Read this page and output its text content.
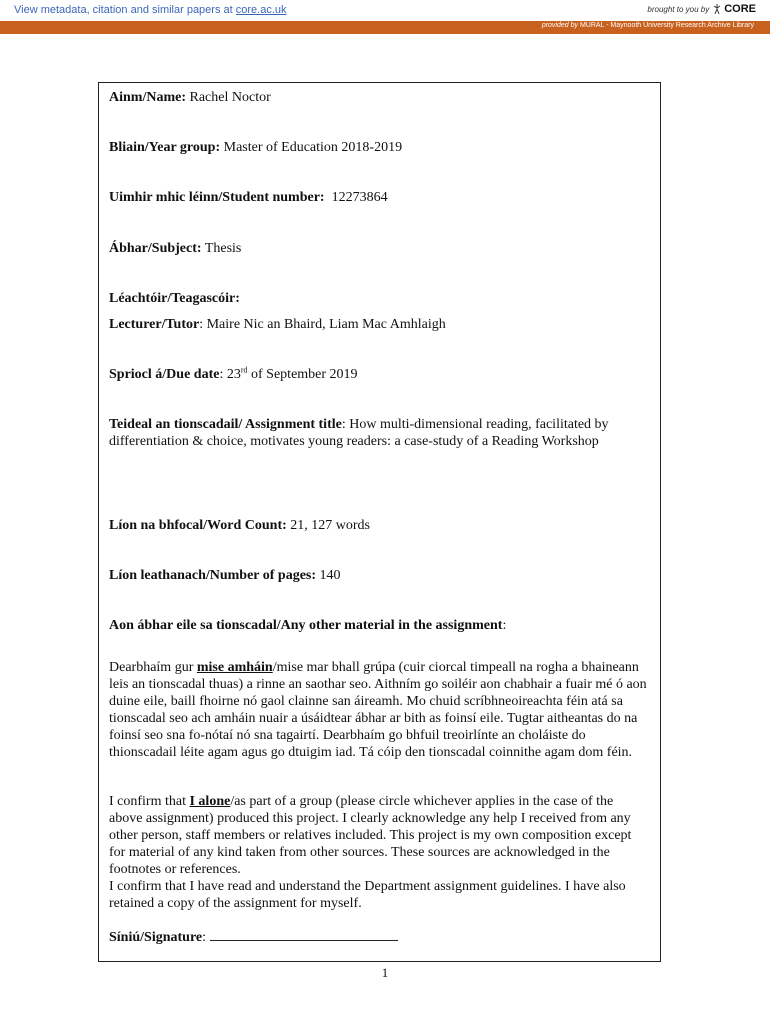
View metadata, citation and similar papers at core.ac.uk	brought to you by CORE
provided by MURAL - Maynooth University Research Archive Library
Ainm/Name: Rachel Noctor
Bliain/Year group: Master of Education 2018-2019
Uimhir mhic léinn/Student number: 12273864
Ábhar/Subject: Thesis
Léachtóir/Teagascóir:
Lecturer/Tutor: Maire Nic an Bhaird, Liam Mac Amhlaigh
Spriocl á/Due date: 23rd of September 2019
Teideal an tionscadail/ Assignment title: How multi-dimensional reading, facilitated by differentiation & choice, motivates young readers: a case-study of a Reading Workshop
Líon na bhfocal/Word Count: 21, 127 words
Líon leathanach/Number of pages: 140
Aon ábhar eile sa tionscadal/Any other material in the assignment:
Dearbhaím gur mise amháin/mise mar bhall grúpa (cuir ciorcal timpeall na rogha a bhaineann leis an tionscadal thuas) a rinne an saothar seo. Aithním go soiléir aon chabhair a fuair mé ó aon duine eile, baill fhoirne nó gaol clainne san áireamh. Mo chuid scríbhneoireachta féin atá sa tionscadal seo ach amháin nuair a úsáidtear ábhar ar bith as foinsí eile. Tugtar aitheantas do na foinsí seo sna fo-nótaí nó sna tagairtí. Dearbhaím go bhfuil treoirlínte an choláiste do thionscadail léite agam agus go dtuigim iad. Tá cóip den tionscadal coinnithe agam dom féin.
I confirm that I alone/as part of a group (please circle whichever applies in the case of the above assignment) produced this project. I clearly acknowledge any help I received from any other person, staff members or relatives included. This project is my own composition except for material of any kind taken from other sources. These sources are acknowledged in the footnotes or references.
I confirm that I have read and understand the Department assignment guidelines. I have also retained a copy of the assignment for myself.
Síniú/Signature:
1
